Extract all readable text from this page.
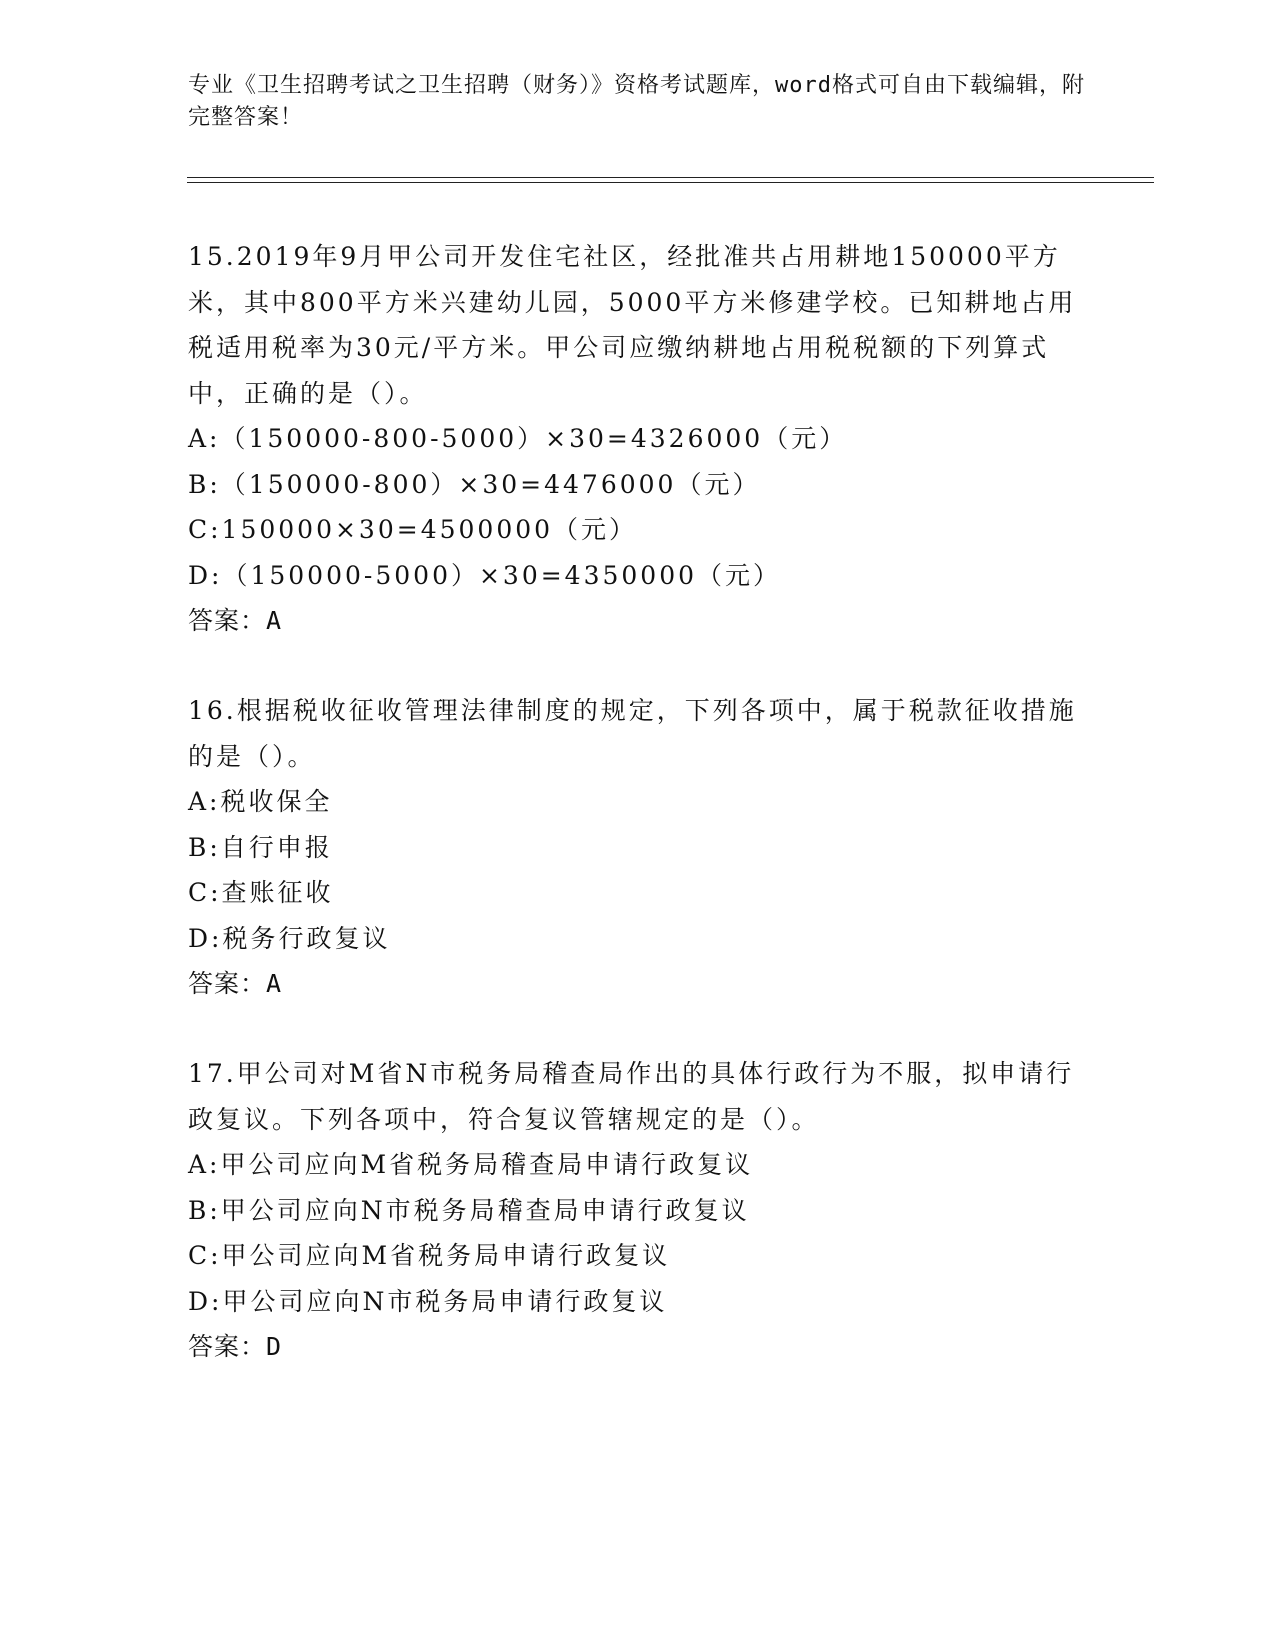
专业《卫生招聘考试之卫生招聘（财务）》资格考试题库，word格式可自由下载编辑，附完整答案！

15.2019年9月甲公司开发住宅社区，经批准共占用耕地150000平方米，其中800平方米兴建幼儿园，5000平方米修建学校。已知耕地占用税适用税率为30元/平方米。甲公司应缴纳耕地占用税税额的下列算式中，正确的是（）。

A:（150000-800-5000）×30=4326000（元）

B:（150000-800）×30=4476000（元）

C:150000×30=4500000（元）

D:（150000-5000）×30=4350000（元）

答案：A

16.根据税收征收管理法律制度的规定，下列各项中，属于税款征收措施的是（）。

A:税收保全

B:自行申报

C:查账征收

D:税务行政复议

答案：A

17.甲公司对M省N市税务局稽查局作出的具体行政行为不服，拟申请行政复议。下列各项中，符合复议管辖规定的是（）。

A:甲公司应向M省税务局稽查局申请行政复议

B:甲公司应向N市税务局稽查局申请行政复议

C:甲公司应向M省税务局申请行政复议

D:甲公司应向N市税务局申请行政复议

答案：D
